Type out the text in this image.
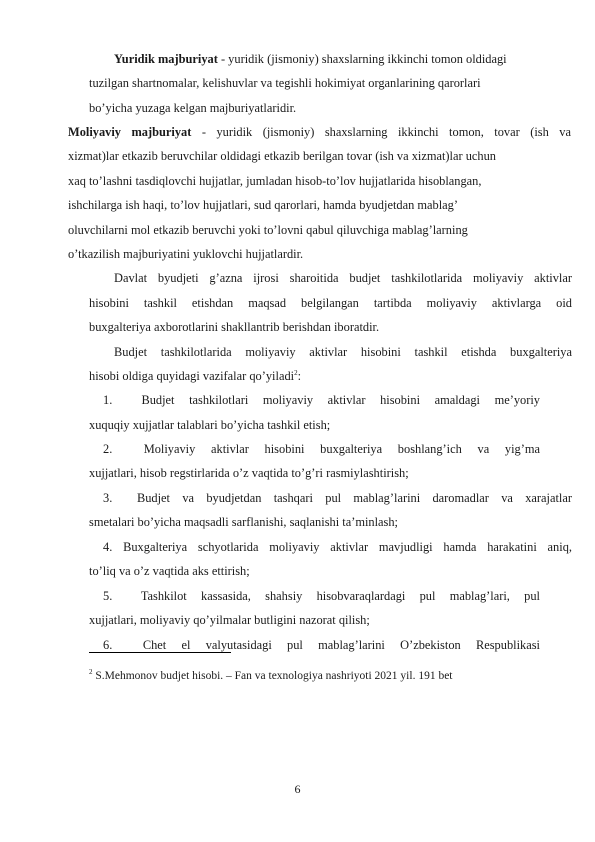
Yuridik majburiyat - yuridik (jismoniy) shaxslarning ikkinchi tomon oldidagi
tuzilgan shartnomalar, kelishuvlar va tegishli hokimiyat organlarining qarorlari
bo’yicha yuzaga kelgan majburiyatlaridir.
Moliyaviy majburiyat - yuridik (jismoniy) shaxslarning ikkinchi tomon, tovar (ish va
xizmat)lar etkazib beruvchilar oldidagi etkazib berilgan tovar (ish va xizmat)lar uchun
xaq to’lashni tasdiqlovchi hujjatlar, jumladan hisob-to’lov hujjatlarida hisoblangan,
ishchilarga ish haqi, to’lov hujjatlari, sud qarorlari, hamda byudjetdan mablag’
oluvchilarni mol etkazib beruvchi yoki to’lovni qabul qiluvchiga mablag’larning
o’tkazilish majburiyatini yuklovchi hujjatlardir.
Davlat byudjeti g’azna ijrosi sharoitida budjet tashkilotlarida moliyaviy aktivlar
hisobini tashkil etishdan maqsad belgilangan tartibda moliyaviy aktivlarga oid
buxgalteriya axborotlarini shakllantrib berishdan iboratdir.
Budjet tashkilotlarida moliyaviy aktivlar hisobini tashkil etishda buxgalteriya
hisobi oldiga quyidagi vazifalar qo’yiladi$^2$:
1. Budjet tashkilotlari moliyaviy aktivlar hisobini amaldagi me’yoriy
xuquqiy xujjatlar talablari bo’yicha tashkil etish;
2.	Moliyaviy aktivlar hisobini buxgalteriya boshlang’ich va yig’ma
xujjatlari, hisob regstirlarida o’z vaqtida to’g’ri rasmiylashtirish;
3. Budjet va byudjetdan tashqari pul mablag’larini daromadlar va xarajatlar
smetalari bo’yicha maqsadli sarflanishi, saqlanishi ta’minlash;
4. Buxgalteriya schyotlarida moliyaviy aktivlar mavjudligi hamda harakatini aniq,
to’liq va o’z vaqtida aks ettirish;
5. Tashkilot kassasida, shahsiy hisobvaraqlardagi pul mablag’lari, pul
xujjatlari, moliyaviy qo’yilmalar butligini nazorat qilish;
6. Chet el valyutasidagi pul mablag’larini O’zbekiston Respublikasi
$^2$ S.Mehmonov budjet hisobi. – Fan va texnologiya nashriyoti 2021 yil. 191 bet
6
